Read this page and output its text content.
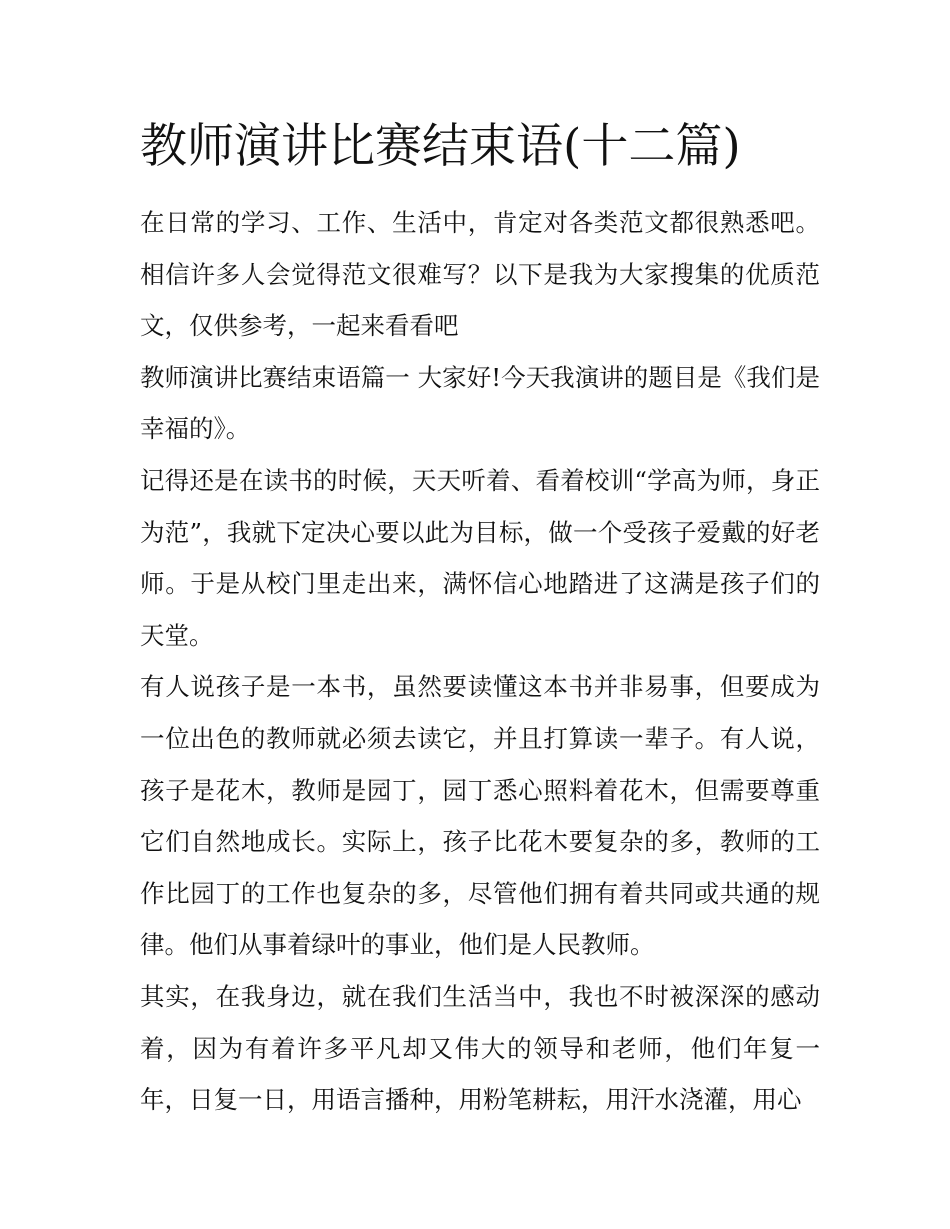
教师演讲比赛结束语(十二篇)

在日常的学习、工作、生活中，肯定对各类范文都很熟悉吧。相信许多人会觉得范文很难写？以下是我为大家搜集的优质范文，仅供参考，一起来看看吧

教师演讲比赛结束语篇一 大家好!今天我演讲的题目是《我们是幸福的》。

记得还是在读书的时候，天天听着、看着校训“学高为师，身正为范”，我就下定决心要以此为目标，做一个受孩子爱戴的好老师。于是从校门里走出来，满怀信心地踏进了这满是孩子们的天堂。

有人说孩子是一本书，虽然要读懂这本书并非易事，但要成为一位出色的教师就必须去读它，并且打算读一辈子。有人说，孩子是花木，教师是园丁，园丁悉心照料着花木，但需要尊重它们自然地成长。实际上，孩子比花木要复杂的多，教师的工作比园丁的工作也复杂的多，尽管他们拥有着共同或共通的规律。他们从事着绿叶的事业，他们是人民教师。

其实，在我身边，就在我们生活当中，我也不时被深深的感动着，因为有着许多平凡却又伟大的领导和老师，他们年复一年，日复一日，用语言播种，用粉笔耕耘，用汗水浇灌，用心
